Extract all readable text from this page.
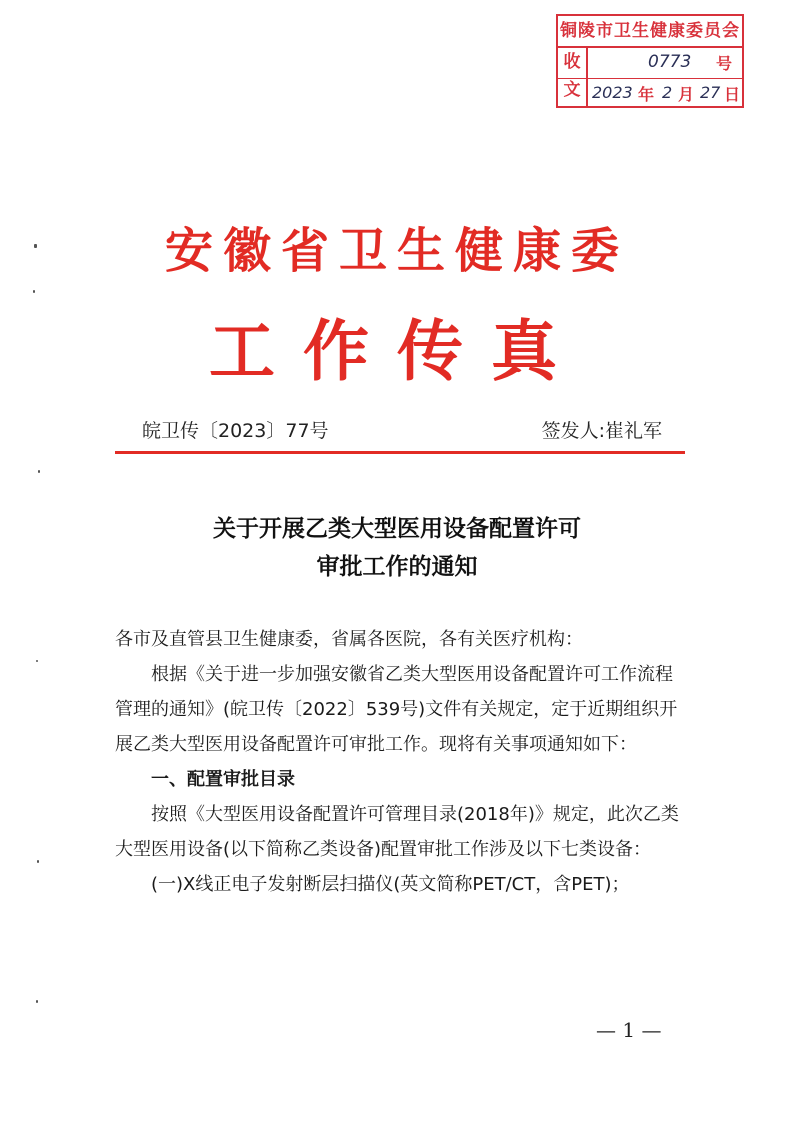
铜陵市卫生健康委员会
收
文
0773 号
2023 年 2 月 27 日
安徽省卫生健康委
工作传真
皖卫传〔2023〕77号	签发人:崔礼军
关于开展乙类大型医用设备配置许可
审批工作的通知

各市及直管县卫生健康委，省属各医院，各有关医疗机构：

根据《关于进一步加强安徽省乙类大型医用设备配置许可工作流程管理的通知》(皖卫传〔2022〕539号)文件有关规定，定于近期组织开展乙类大型医用设备配置许可审批工作。现将有关事项通知如下：

一、配置审批目录

按照《大型医用设备配置许可管理目录(2018年)》规定，此次乙类大型医用设备(以下简称乙类设备)配置审批工作涉及以下七类设备：

(一)X线正电子发射断层扫描仪(英文简称PET/CT，含PET)；

— 1 —
